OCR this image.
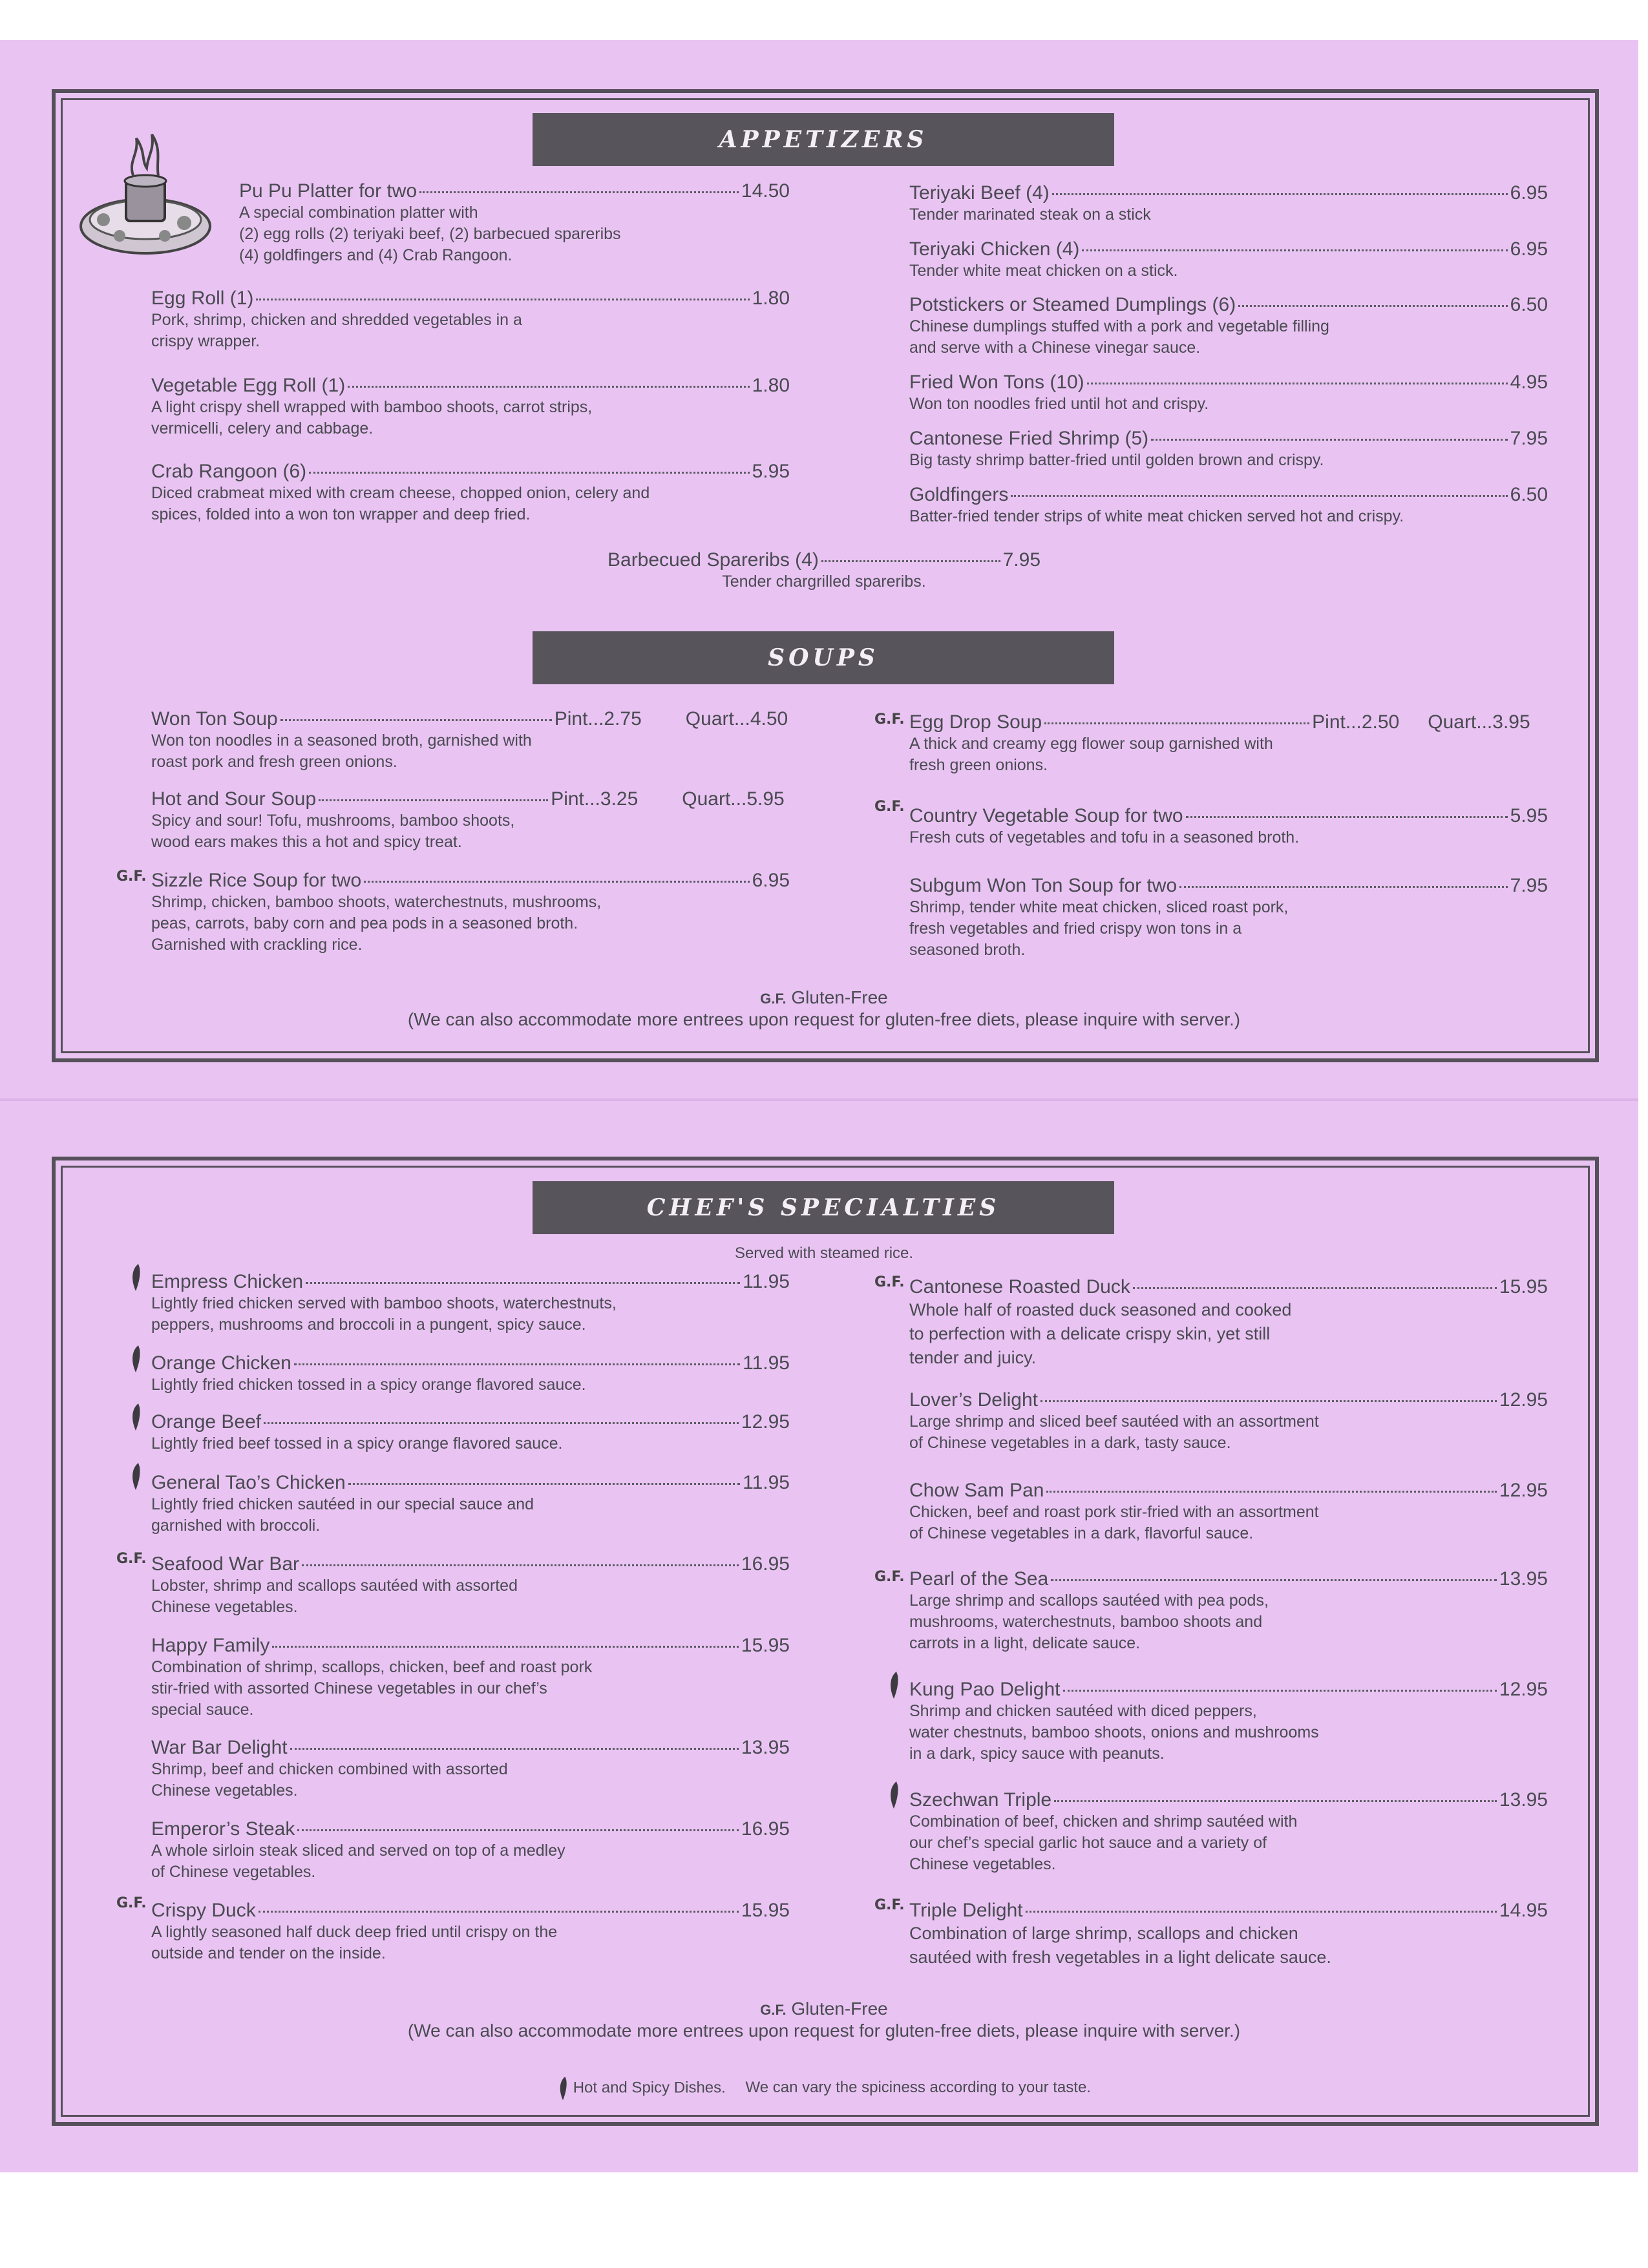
APPETIZERS
Pu Pu Platter for two	14.50
A special combination platter with
(2) egg rolls (2) teriyaki beef, (2) barbecued spareribs
(4) goldfingers and (4) Crab Rangoon.
Egg Roll (1)	1.80
Pork, shrimp, chicken and shredded vegetables in a
crispy wrapper.
Vegetable Egg Roll (1)	1.80
A light crispy shell wrapped with bamboo shoots, carrot strips,
vermicelli, celery and cabbage.
Crab Rangoon (6)	5.95
Diced crabmeat mixed with cream cheese, chopped onion, celery and
spices, folded into a won ton wrapper and deep fried.
Teriyaki Beef (4)	6.95
Tender marinated steak on a stick
Teriyaki Chicken (4)	6.95
Tender white meat chicken on a stick.
Potstickers or Steamed Dumplings (6)	6.50
Chinese dumplings stuffed with a pork and vegetable filling
and serve with a Chinese vinegar sauce.
Fried Won Tons (10)	4.95
Won ton noodles fried until hot and crispy.
Cantonese Fried Shrimp (5)	7.95
Big tasty shrimp batter-fried until golden brown and crispy.
Goldfingers	6.50
Batter-fried tender strips of white meat chicken served hot and crispy.
Barbecued Spareribs (4)	7.95
Tender chargrilled spareribs.
SOUPS
Won Ton Soup	Pint...2.75 Quart...4.50
Won ton noodles in a seasoned broth, garnished with
roast pork and fresh green onions.
Hot and Sour Soup	Pint...3.25 Quart...5.95
Spicy and sour! Tofu, mushrooms, bamboo shoots,
wood ears makes this a hot and spicy treat.
G.F. Sizzle Rice Soup for two	6.95
Shrimp, chicken, bamboo shoots, waterchestnuts, mushrooms,
peas, carrots, baby corn and pea pods in a seasoned broth.
Garnished with crackling rice.
G.F. Egg Drop Soup	Pint...2.50 Quart...3.95
A thick and creamy egg flower soup garnished with
fresh green onions.
G.F. Country Vegetable Soup for two	5.95
Fresh cuts of vegetables and tofu in a seasoned broth.
Subgum Won Ton Soup for two	7.95
Shrimp, tender white meat chicken, sliced roast pork,
fresh vegetables and fried crispy won tons in a
seasoned broth.
G.F. Gluten-Free
(We can also accommodate more entrees upon request for gluten-free diets, please inquire with server.)
CHEF'S SPECIALTIES
Served with steamed rice.
Empress Chicken	11.95
Lightly fried chicken served with bamboo shoots, waterchestnuts,
peppers, mushrooms and broccoli in a pungent, spicy sauce.
Orange Chicken	11.95
Lightly fried chicken tossed in a spicy orange flavored sauce.
Orange Beef	12.95
Lightly fried beef tossed in a spicy orange flavored sauce.
General Tao’s Chicken	11.95
Lightly fried chicken sautéed in our special sauce and
garnished with broccoli.
G.F. Seafood War Bar	16.95
Lobster, shrimp and scallops sautéed with assorted
Chinese vegetables.
Happy Family	15.95
Combination of shrimp, scallops, chicken, beef and roast pork
stir-fried with assorted Chinese vegetables in our chef’s
special sauce.
War Bar Delight	13.95
Shrimp, beef and chicken combined with assorted
Chinese vegetables.
Emperor’s Steak	16.95
A whole sirloin steak sliced and served on top of a medley
of Chinese vegetables.
G.F. Crispy Duck	15.95
A lightly seasoned half duck deep fried until crispy on the
outside and tender on the inside.
G.F. Cantonese Roasted Duck	15.95
Whole half of roasted duck seasoned and cooked
to perfection with a delicate crispy skin, yet still
tender and juicy.
Lover’s Delight	12.95
Large shrimp and sliced beef sautéed with an assortment
of Chinese vegetables in a dark, tasty sauce.
Chow Sam Pan	12.95
Chicken, beef and roast pork stir-fried with an assortment
of Chinese vegetables in a dark, flavorful sauce.
G.F. Pearl of the Sea	13.95
Large shrimp and scallops sautéed with pea pods,
mushrooms, waterchestnuts, bamboo shoots and
carrots in a light, delicate sauce.
Kung Pao Delight	12.95
Shrimp and chicken sautéed with diced peppers,
water chestnuts, bamboo shoots, onions and mushrooms
in a dark, spicy sauce with peanuts.
Szechwan Triple	13.95
Combination of beef, chicken and shrimp sautéed with
our chef’s special garlic hot sauce and a variety of
Chinese vegetables.
G.F. Triple Delight	14.95
Combination of large shrimp, scallops and chicken
sautéed with fresh vegetables in a light delicate sauce.
G.F. Gluten-Free
(We can also accommodate more entrees upon request for gluten-free diets, please inquire with server.)
Hot and Spicy Dishes. We can vary the spiciness according to your taste.
